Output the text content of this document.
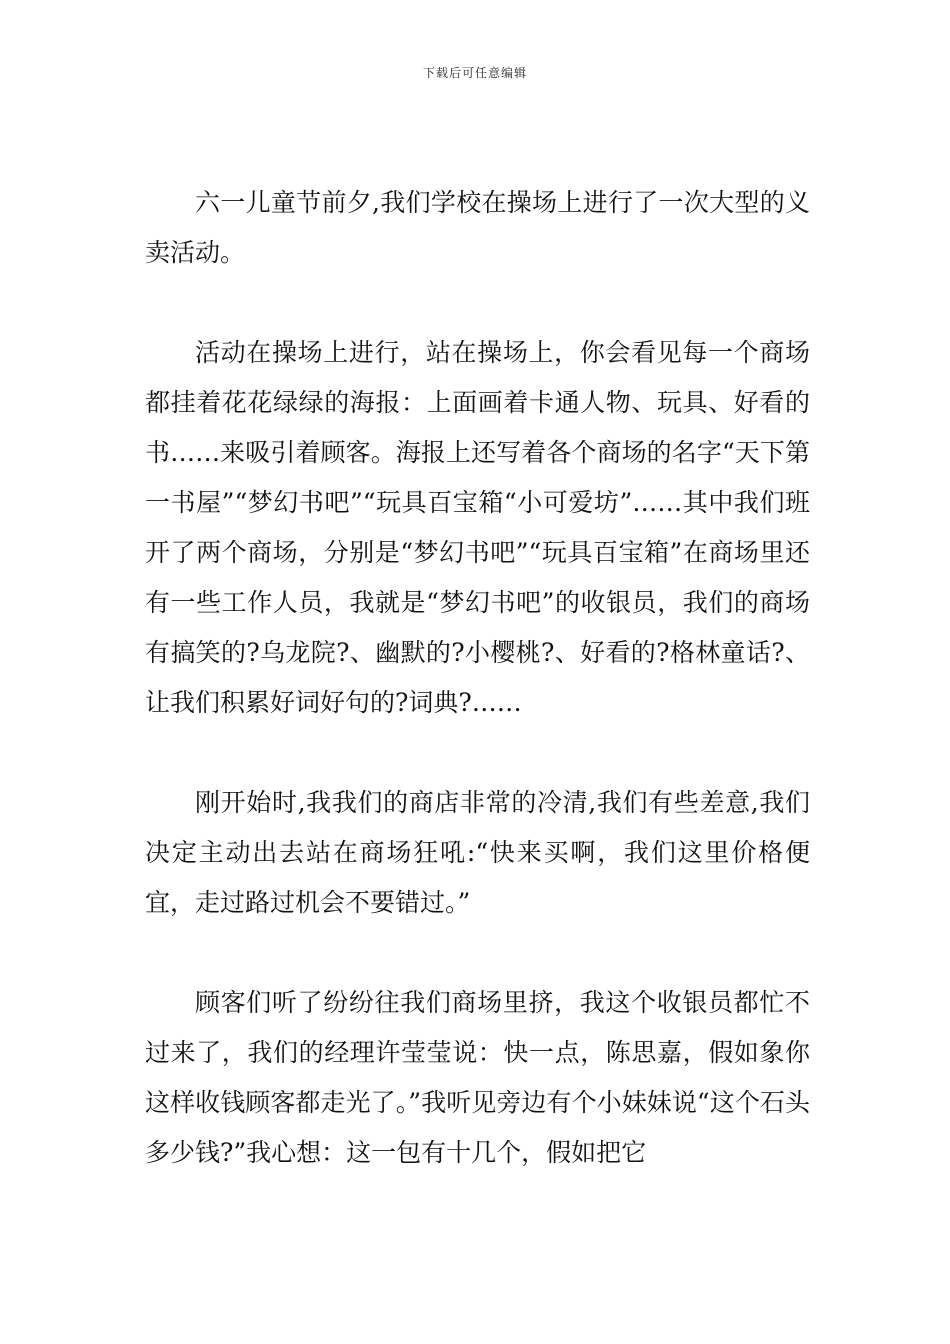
下载后可任意编辑

六一儿童节前夕,我们学校在操场上进行了一次大型的义卖活动。

活动在操场上进行，站在操场上，你会看见每一个商场都挂着花花绿绿的海报：上面画着卡通人物、玩具、好看的书……来吸引着顾客。海报上还写着各个商场的名字“天下第一书屋”“梦幻书吧”“玩具百宝箱“小可爱坊”……其中我们班开了两个商场，分别是“梦幻书吧”“玩具百宝箱”在商场里还有一些工作人员，我就是“梦幻书吧”的收银员，我们的商场有搞笑的?乌龙院?、幽默的?小樱桃?、好看的?格林童话?、让我们积累好词好句的?词典?……

刚开始时,我我们的商店非常的冷清,我们有些差意,我们决定主动出去站在商场狂吼:“快来买啊，我们这里价格便宜，走过路过机会不要错过。”

顾客们听了纷纷往我们商场里挤，我这个收银员都忙不过来了，我们的经理许莹莹说：快一点，陈思嘉，假如象你这样收钱顾客都走光了。”我听见旁边有个小妹妹说“这个石头多少钱?”我心想：这一包有十几个，假如把它
